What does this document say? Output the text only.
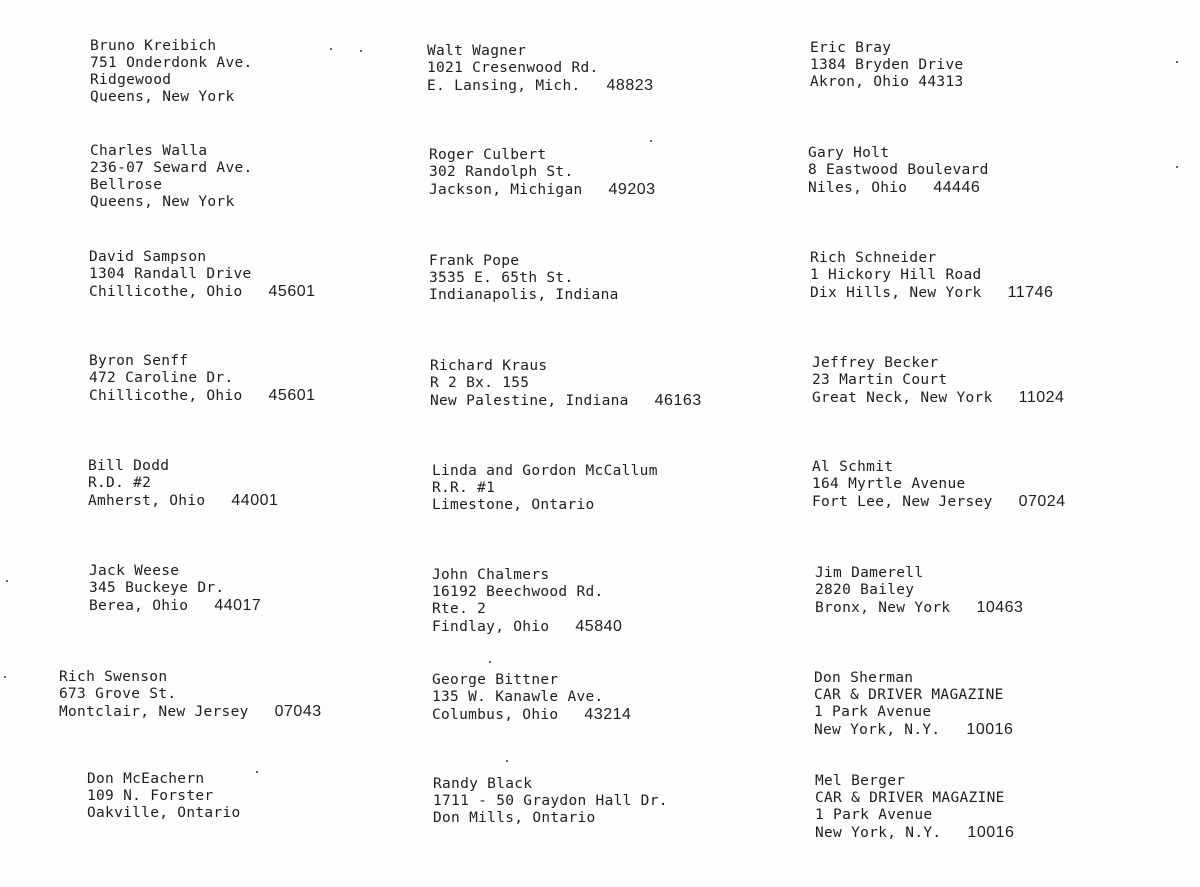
Bruno Kreibich
751 Onderdonk Ave.
Ridgewood
Queens, New York
Walt Wagner
1021 Cresenwood Rd.
E. Lansing, Mich. 48823
Eric Bray
1384 Bryden Drive
Akron, Ohio 44313
Charles Walla
236-07 Seward Ave.
Bellrose
Queens, New York
Roger Culbert
302 Randolph St.
Jackson, Michigan 49203
Gary Holt
8 Eastwood Boulevard
Niles, Ohio 44446
David Sampson
1304 Randall Drive
Chillicothe, Ohio 45601
Frank Pope
3535 E. 65th St.
Indianapolis, Indiana
Rich Schneider
1 Hickory Hill Road
Dix Hills, New York 11746
Byron Senff
472 Caroline Dr.
Chillicothe, Ohio 45601
Richard Kraus
R 2 Bx. 155
New Palestine, Indiana 46163
Jeffrey Becker
23 Martin Court
Great Neck, New York 11024
Bill Dodd
R.D. #2
Amherst, Ohio 44001
Linda and Gordon McCallum
R.R. #1
Limestone, Ontario
Al Schmit
164 Myrtle Avenue
Fort Lee, New Jersey 07024
Jack Weese
345 Buckeye Dr.
Berea, Ohio 44017
John Chalmers
16192 Beechwood Rd.
Rte. 2
Findlay, Ohio 45840
Jim Damerell
2820 Bailey
Bronx, New York 10463
Rich Swenson
673 Grove St.
Montclair, New Jersey 07043
George Bittner
135 W. Kanawle Ave.
Columbus, Ohio 43214
Don Sherman
CAR & DRIVER MAGAZINE
1 Park Avenue
New York, N.Y. 10016
Don McEachern
109 N. Forster
Oakville, Ontario
Randy Black
1711 - 50 Graydon Hall Dr.
Don Mills, Ontario
Mel Berger
CAR & DRIVER MAGAZINE
1 Park Avenue
New York, N.Y. 10016
